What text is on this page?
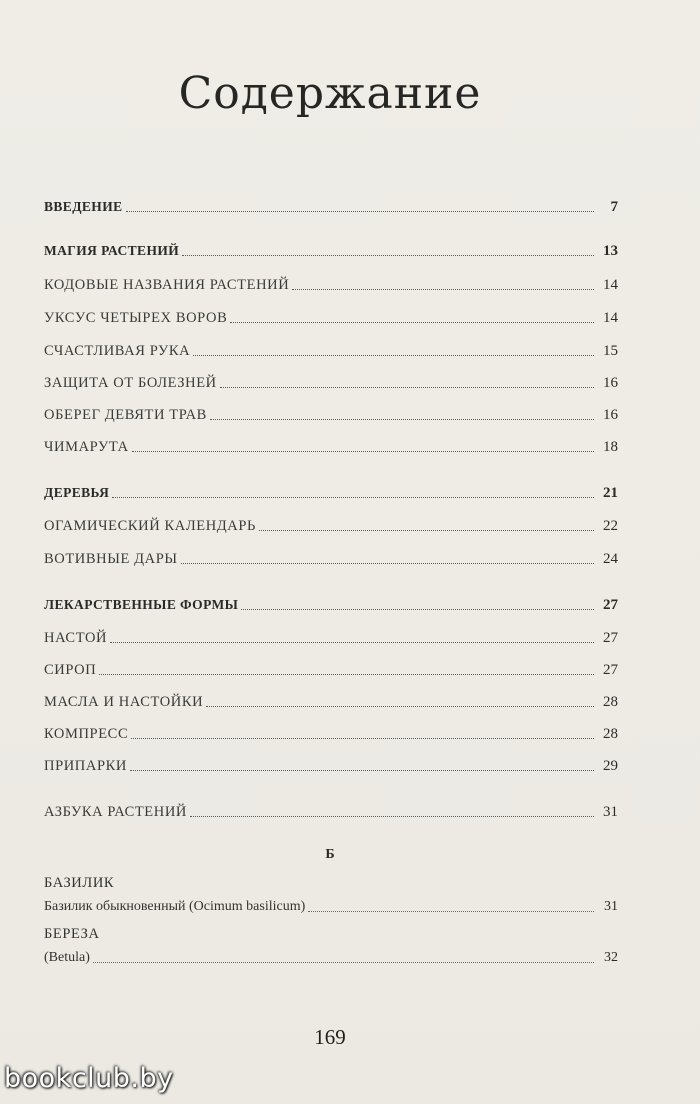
Содержание
ВВЕДЕНИЕ	7
МАГИЯ РАСТЕНИЙ	13
КОДОВЫЕ НАЗВАНИЯ РАСТЕНИЙ	14
УКСУС ЧЕТЫРЕХ ВОРОВ	14
СЧАСТЛИВАЯ РУКА	15
ЗАЩИТА ОТ БОЛЕЗНЕЙ	16
ОБЕРЕГ ДЕВЯТИ ТРАВ	16
ЧИМАРУТА	18
ДЕРЕВЬЯ	21
ОГАМИЧЕСКИЙ КАЛЕНДАРЬ	22
ВОТИВНЫЕ ДАРЫ	24
ЛЕКАРСТВЕННЫЕ ФОРМЫ	27
НАСТОЙ	27
СИРОП	27
МАСЛА И НАСТОЙКИ	28
КОМПРЕСС	28
ПРИПАРКИ	29
АЗБУКА РАСТЕНИЙ	31
Б
БАЗИЛИК
Базилик обыкновенный (Ocimum basilicum)	31
БЕРЕЗА
(Betula)	32
169
bookclub.by
